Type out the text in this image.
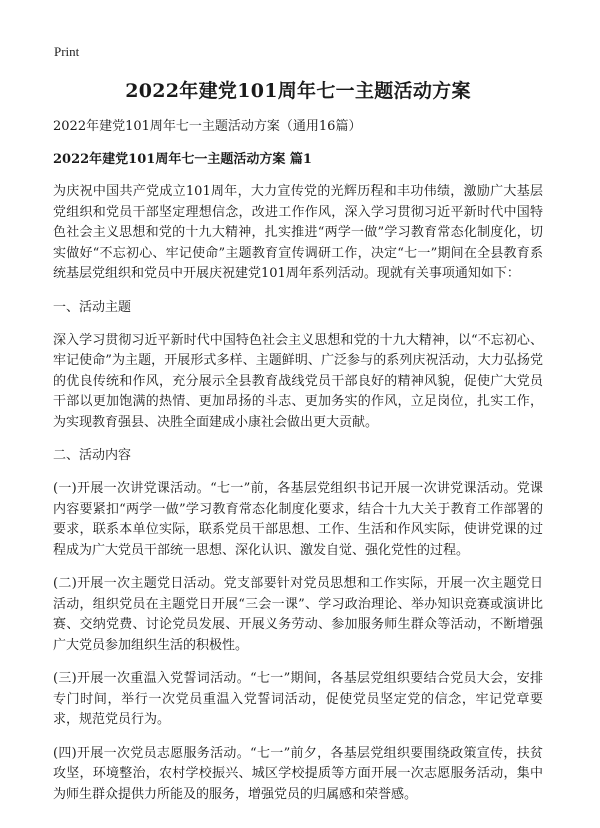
Print
2022年建党101周年七一主题活动方案
2022年建党101周年七一主题活动方案（通用16篇）
2022年建党101周年七一主题活动方案 篇1
为庆祝中国共产党成立101周年，大力宣传党的光辉历程和丰功伟绩，激励广大基层党组织和党员干部坚定理想信念，改进工作作风，深入学习贯彻习近平新时代中国特色社会主义思想和党的十九大精神，扎实推进“两学一做”学习教育常态化制度化，切实做好“不忘初心、牢记使命”主题教育宣传调研工作，决定“七一”期间在全县教育系统基层党组织和党员中开展庆祝建党101周年系列活动。现就有关事项通知如下：
一、活动主题
深入学习贯彻习近平新时代中国特色社会主义思想和党的十九大精神，以“不忘初心、牢记使命”为主题，开展形式多样、主题鲜明、广泛参与的系列庆祝活动，大力弘扬党的优良传统和作风，充分展示全县教育战线党员干部良好的精神风貌，促使广大党员干部以更加饱满的热情、更加昂扬的斗志、更加务实的作风，立足岗位，扎实工作，为实现教育强县、决胜全面建成小康社会做出更大贡献。
二、活动内容
(一)开展一次讲党课活动。“七一”前，各基层党组织书记开展一次讲党课活动。党课内容要紧扣“两学一做”学习教育常态化制度化要求，结合十九大关于教育工作部署的要求，联系本单位实际，联系党员干部思想、工作、生活和作风实际，使讲党课的过程成为广大党员干部统一思想、深化认识、激发自觉、强化党性的过程。
(二)开展一次主题党日活动。党支部要针对党员思想和工作实际，开展一次主题党日活动，组织党员在主题党日开展“三会一课”、学习政治理论、举办知识竞赛或演讲比赛、交纳党费、讨论党员发展、开展义务劳动、参加服务师生群众等活动，不断增强广大党员参加组织生活的积极性。
(三)开展一次重温入党誓词活动。“七一”期间，各基层党组织要结合党员大会，安排专门时间，举行一次党员重温入党誓词活动，促使党员坚定党的信念，牢记党章要求，规范党员行为。
(四)开展一次党员志愿服务活动。“七一”前夕，各基层党组织要围绕政策宣传，扶贫攻坚，环境整治，农村学校振兴、城区学校提质等方面开展一次志愿服务活动，集中为师生群众提供力所能及的服务，增强党员的归属感和荣誉感。
